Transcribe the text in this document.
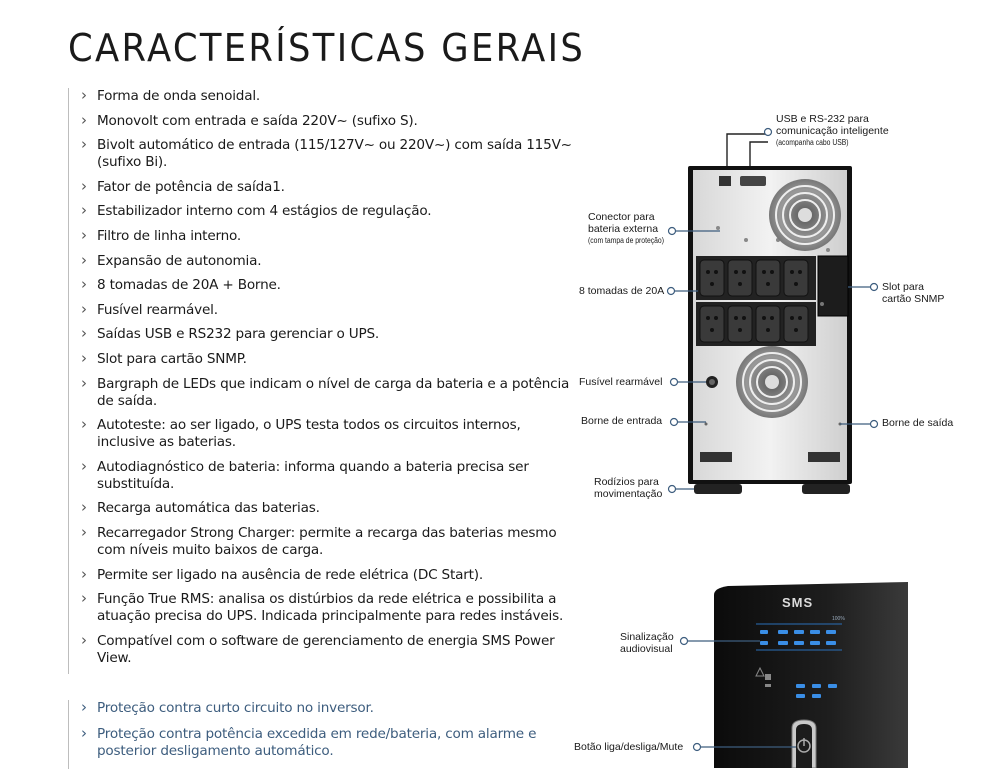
CARACTERÍSTICAS GERAIS
› Forma de onda senoidal.
› Monovolt com entrada e saída 220V~ (sufixo S).
› Bivolt automático de entrada (115/127V~ ou 220V~) com saída 115V~ (sufixo Bi).
› Fator de potência de saída1.
› Estabilizador interno com 4 estágios de regulação.
› Filtro de linha interno.
› Expansão de autonomia.
› 8 tomadas de 20A + Borne.
› Fusível rearmável.
› Saídas USB e RS232 para gerenciar o UPS.
› Slot para cartão SNMP.
› Bargraph de LEDs que indicam o nível de carga da bateria e a potência de saída.
› Autoteste: ao ser ligado, o UPS testa todos os circuitos internos, inclusive as baterias.
› Autodiagnóstico de bateria: informa quando a bateria precisa ser substituída.
› Recarga automática das baterias.
› Recarregador Strong Charger: permite a recarga das baterias mesmo com níveis muito baixos de carga.
› Permite ser ligado na ausência de rede elétrica (DC Start).
› Função True RMS: analisa os distúrbios da rede elétrica e possibilita a atuação precisa do UPS. Indicada principalmente para redes instáveis.
› Compatível com o software de gerenciamento de energia SMS Power View.
› Proteção contra curto circuito no inversor.
› Proteção contra potência excedida em rede/bateria, com alarme e posterior desligamento automático.
SMS
100%
USB e RS-232 para
comunicação inteligente
(acompanha cabo USB)
Conector para
bateria externa
(com tampa de proteção)
8 tomadas de 20A	Slot para
cartão SNMP
Fusível rearmável
Borne de entrada	Borne de saída
Rodízios para
movimentação
Sinalização
audiovisual
Botão liga/desliga/Mute
